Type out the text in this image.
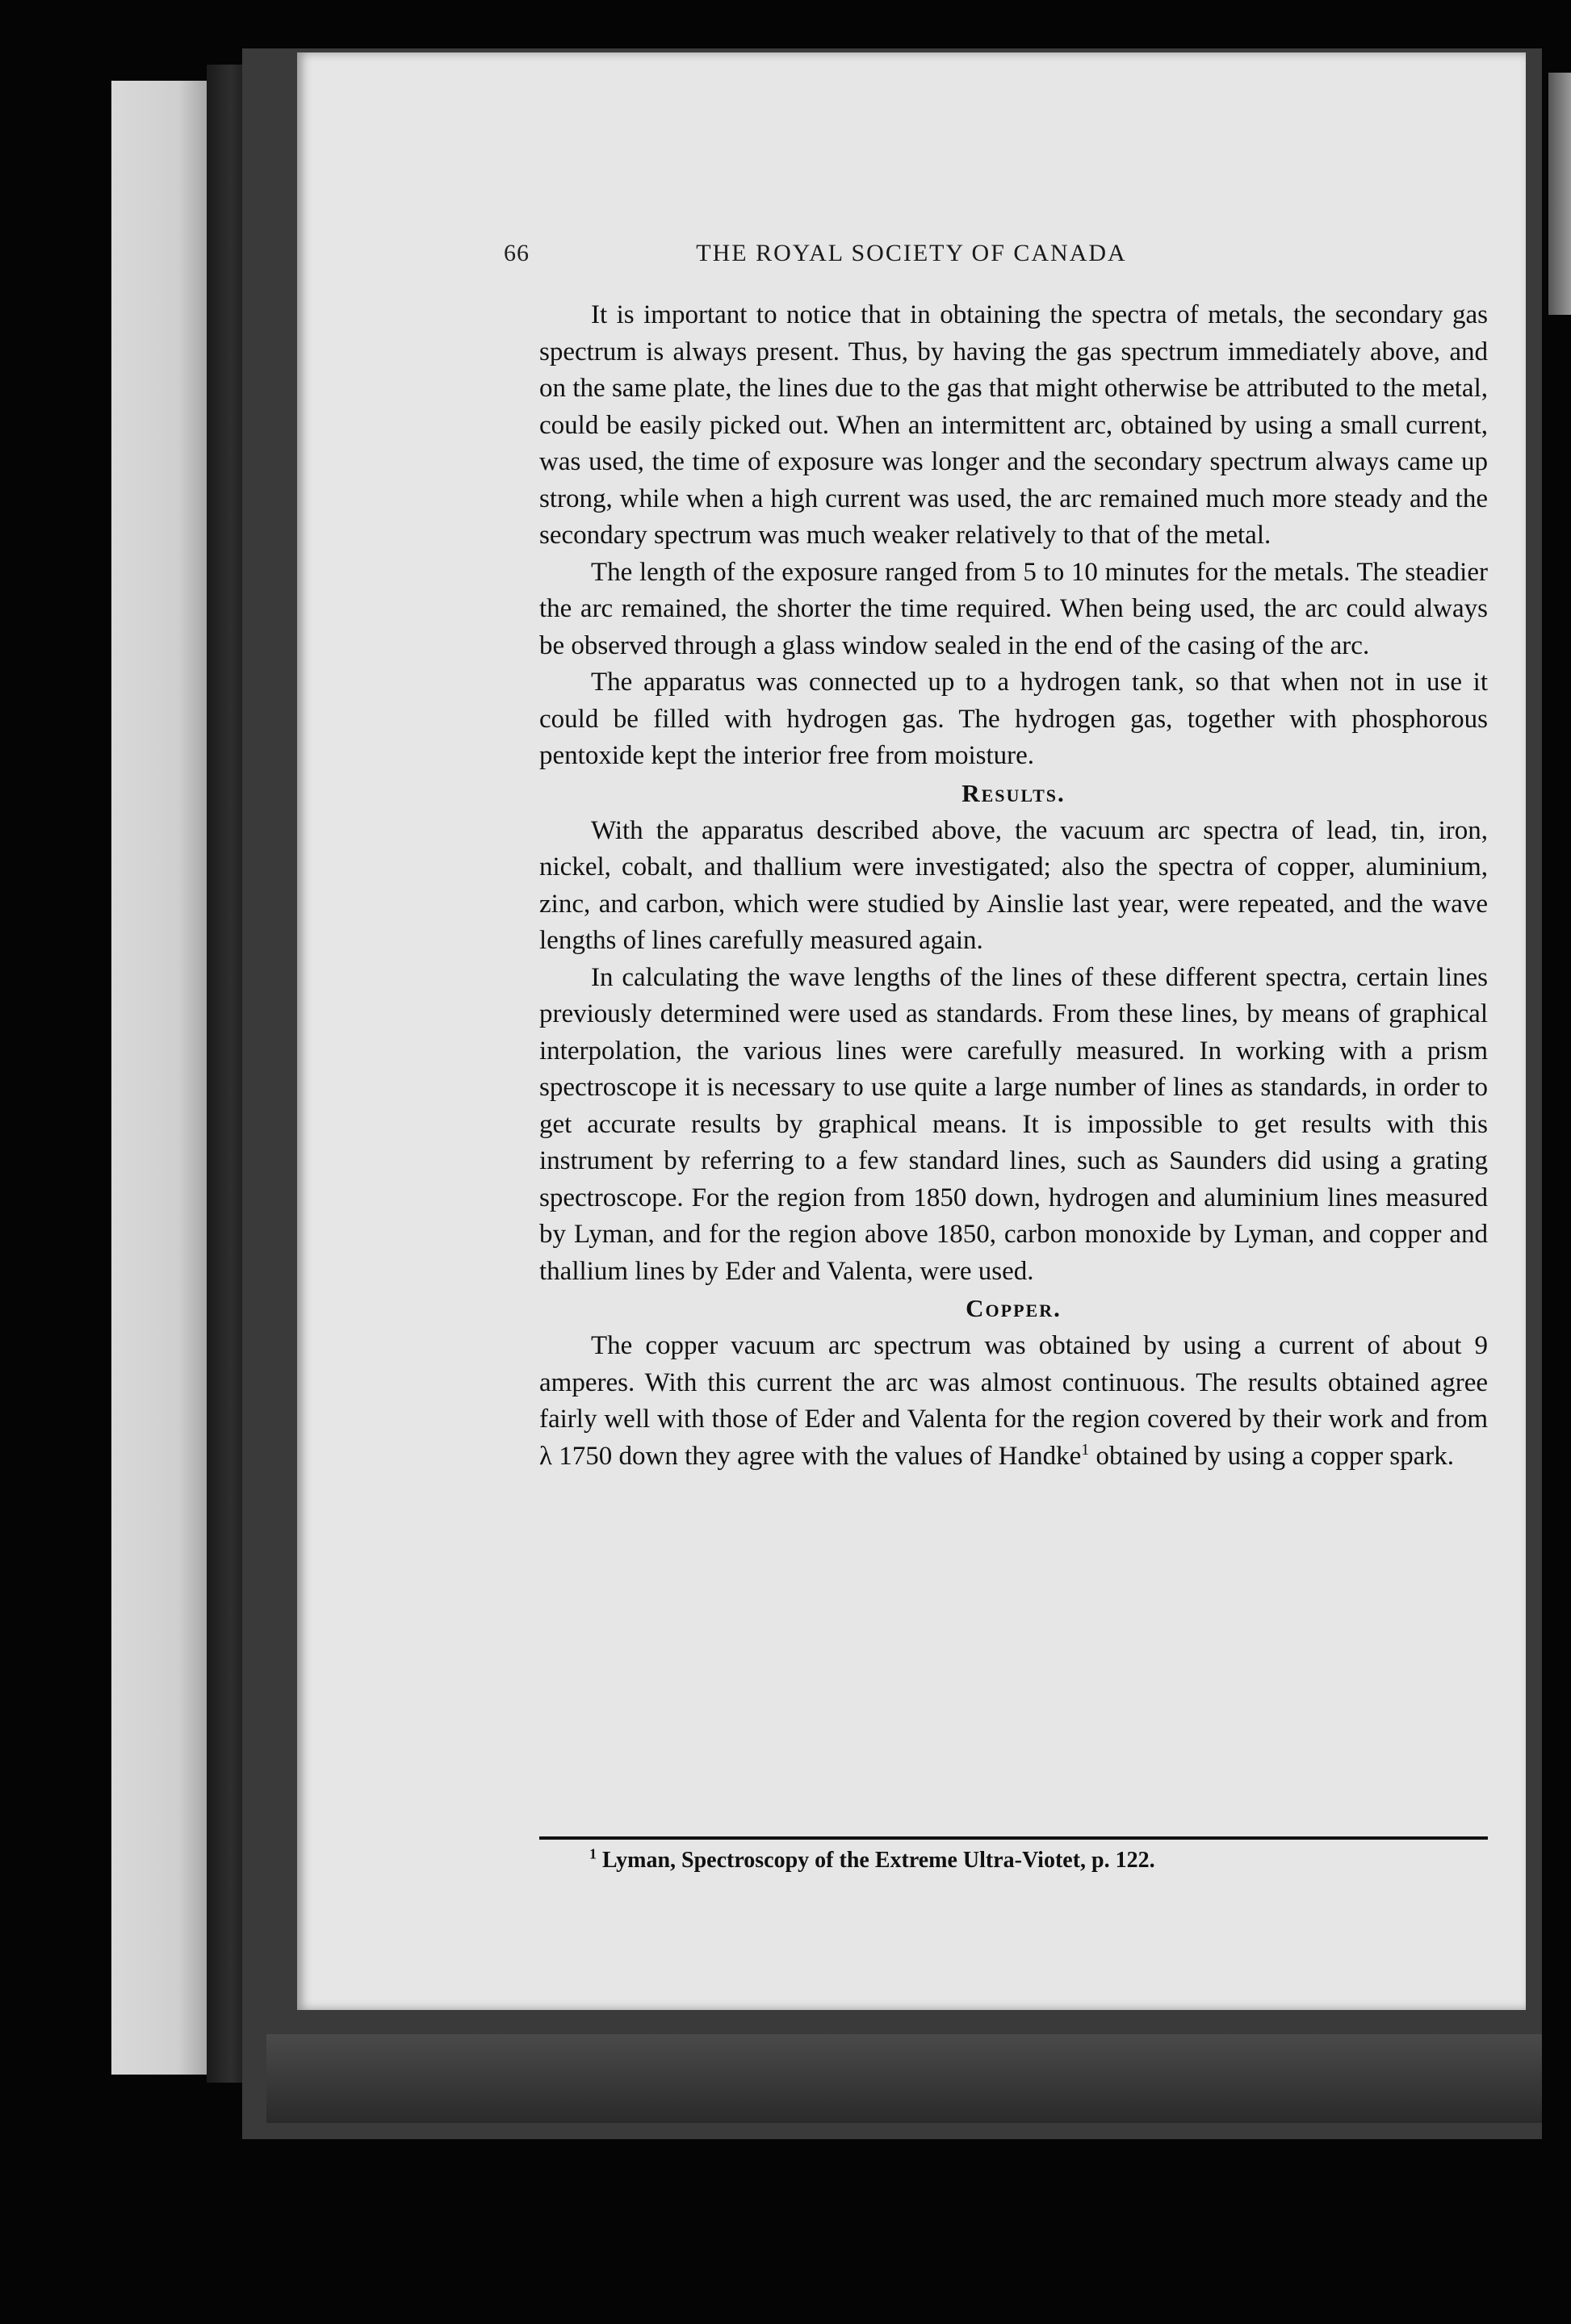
66	THE ROYAL SOCIETY OF CANADA

It is important to notice that in obtaining the spectra of metals, the secondary gas spectrum is always present. Thus, by having the gas spectrum immediately above, and on the same plate, the lines due to the gas that might otherwise be attributed to the metal, could be easily picked out. When an intermittent arc, obtained by using a small current, was used, the time of exposure was longer and the secondary spectrum always came up strong, while when a high current was used, the arc remained much more steady and the secondary spectrum was much weaker relatively to that of the metal.

The length of the exposure ranged from 5 to 10 minutes for the metals. The steadier the arc remained, the shorter the time required. When being used, the arc could always be observed through a glass window sealed in the end of the casing of the arc.

The apparatus was connected up to a hydrogen tank, so that when not in use it could be filled with hydrogen gas. The hydrogen gas, together with phosphorous pentoxide kept the interior free from moisture.

Results.

With the apparatus described above, the vacuum arc spectra of lead, tin, iron, nickel, cobalt, and thallium were investigated; also the spectra of copper, aluminium, zinc, and carbon, which were studied by Ainslie last year, were repeated, and the wave lengths of lines carefully measured again.

In calculating the wave lengths of the lines of these different spectra, certain lines previously determined were used as standards. From these lines, by means of graphical interpolation, the various lines were carefully measured. In working with a prism spectroscope it is necessary to use quite a large number of lines as standards, in order to get accurate results by graphical means. It is impossible to get results with this instrument by referring to a few standard lines, such as Saunders did using a grating spectroscope. For the region from 1850 down, hydrogen and aluminium lines measured by Lyman, and for the region above 1850, carbon monoxide by Lyman, and copper and thallium lines by Eder and Valenta, were used.

Copper.

The copper vacuum arc spectrum was obtained by using a current of about 9 amperes. With this current the arc was almost continuous. The results obtained agree fairly well with those of Eder and Valenta for the region covered by their work and from λ 1750 down they agree with the values of Handke$^1$ obtained by using a copper spark.

$^1$ Lyman, Spectroscopy of the Extreme Ultra-Viotet, p. 122.
